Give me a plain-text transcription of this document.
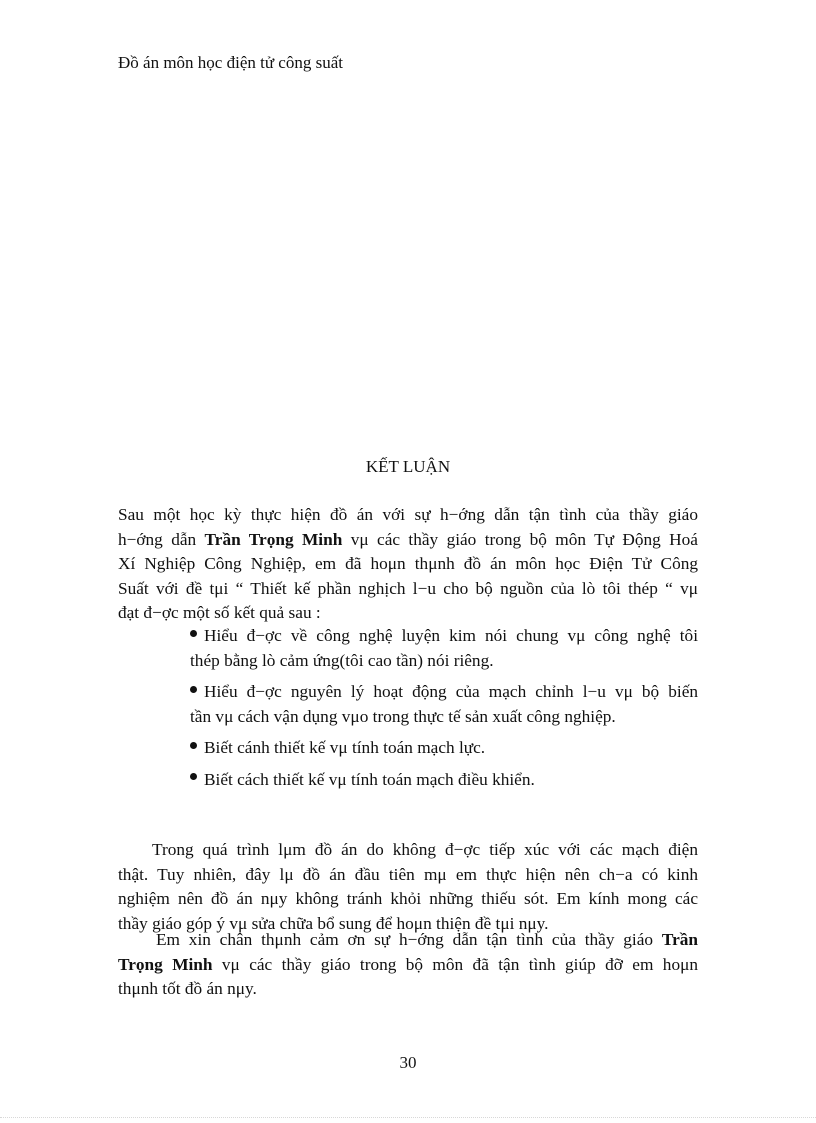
Đồ án môn học điện tử công suất
KẾT LUẬN
Sau một học kỳ thực hiện đồ án với sự h−ớng dẫn tận tình của thầy giáo
h−ớng dẫn Trần Trọng Minh vμ các thầy giáo trong bộ môn Tự Động Hoá
Xí Nghiệp Công Nghiệp, em đã hoμn thμnh đồ án môn học Điện Tử Công
Suất với đề tμi “ Thiết kế phần nghịch l−u cho bộ nguồn của lò tôi thép “ vμ
đạt đ−ợc một số kết quả sau :
Hiểu đ−ợc về công nghệ luyện kim nói chung vμ công nghệ tôi
thép bằng lò cảm ứng(tôi cao tần) nói riêng.
Hiểu đ−ợc nguyên lý hoạt động của mạch chỉnh l−u vμ bộ biến
tần vμ cách vận dụng vμo trong thực tế sản xuất công nghiệp.
Biết cánh thiết kế vμ tính toán mạch lực.
Biết cách thiết kế vμ tính toán mạch điều khiển.
Trong quá trình lμm đồ án do không đ−ợc tiếp xúc với các mạch điện
thật. Tuy nhiên, đây lμ đồ án đầu tiên mμ em thực hiện nên ch−a có kinh
nghiệm nên đồ án nμy không tránh khỏi những thiếu sót. Em kính mong các
thầy giáo góp ý vμ sửa chữa bổ sung để hoμn thiện đề tμi nμy.
Em xin chân thμnh cảm ơn sự h−ớng dẫn tận tình của thầy giáo Trần
Trọng Minh vμ các thầy giáo trong bộ môn đã tận tình giúp đỡ em hoμn
thμnh tốt đồ án nμy.
30
